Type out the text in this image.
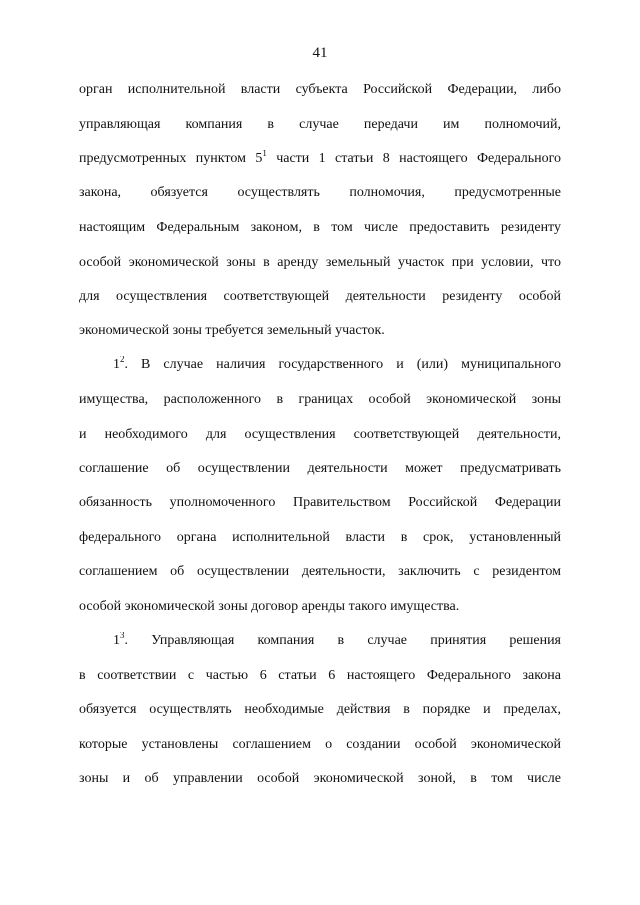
41
орган исполнительной власти субъекта Российской Федерации, либо
управляющая компания в случае передачи им полномочий,
предусмотренных пунктом $5^1$ части 1 статьи 8 настоящего Федерального
закона, обязуется осуществлять полномочия, предусмотренные
настоящим Федеральным законом, в том числе предоставить резиденту
особой экономической зоны в аренду земельный участок при условии, что
для осуществления соответствующей деятельности резиденту особой
экономической зоны требуется земельный участок.
$1^2$. В случае наличия государственного и (или) муниципального
имущества, расположенного в границах особой экономической зоны
и необходимого для осуществления соответствующей деятельности,
соглашение об осуществлении деятельности может предусматривать
обязанность уполномоченного Правительством Российской Федерации
федерального органа исполнительной власти в срок, установленный
соглашением об осуществлении деятельности, заключить с резидентом
особой экономической зоны договор аренды такого имущества.
$1^3$. Управляющая компания в случае принятия решения
в соответствии с частью 6 статьи 6 настоящего Федерального закона
обязуется осуществлять необходимые действия в порядке и пределах,
которые установлены соглашением о создании особой экономической
зоны и об управлении особой экономической зоной, в том числе
